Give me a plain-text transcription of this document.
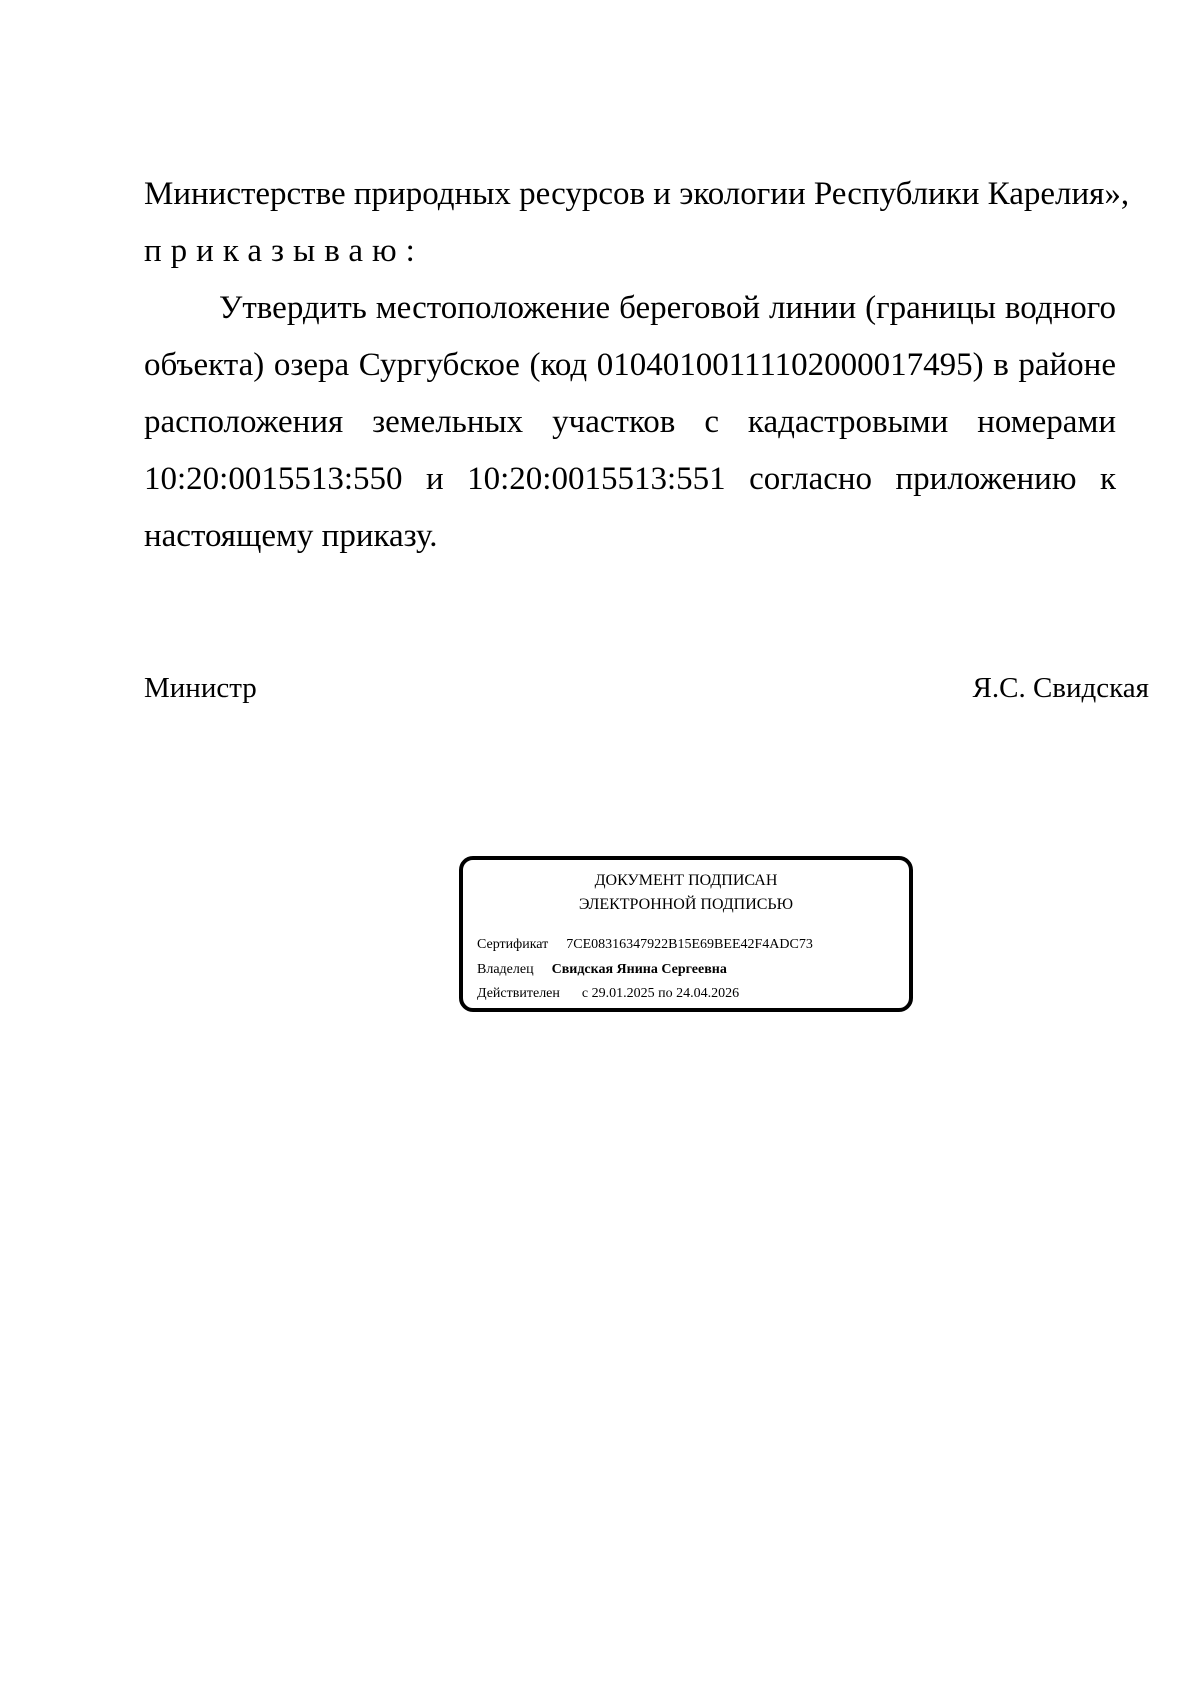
Министерстве природных ресурсов и экологии Республики Карелия»,

приказываю:

Утвердить местоположение береговой линии (границы водного объекта) озера Сургубское (код 01040100111102000017495) в районе расположения земельных участков с кадастровыми номерами 10:20:0015513:550 и 10:20:0015513:551 согласно приложению к настоящему приказу.

Министр	Я.С. Свидская
ДОКУМЕНТ ПОДПИСАН
ЭЛЕКТРОННОЙ ПОДПИСЬЮ
Сертификат 7CE08316347922B15E69BEE42F4ADC73
Владелец Свидская Янина Сергеевна
Действителен с 29.01.2025 по 24.04.2026
